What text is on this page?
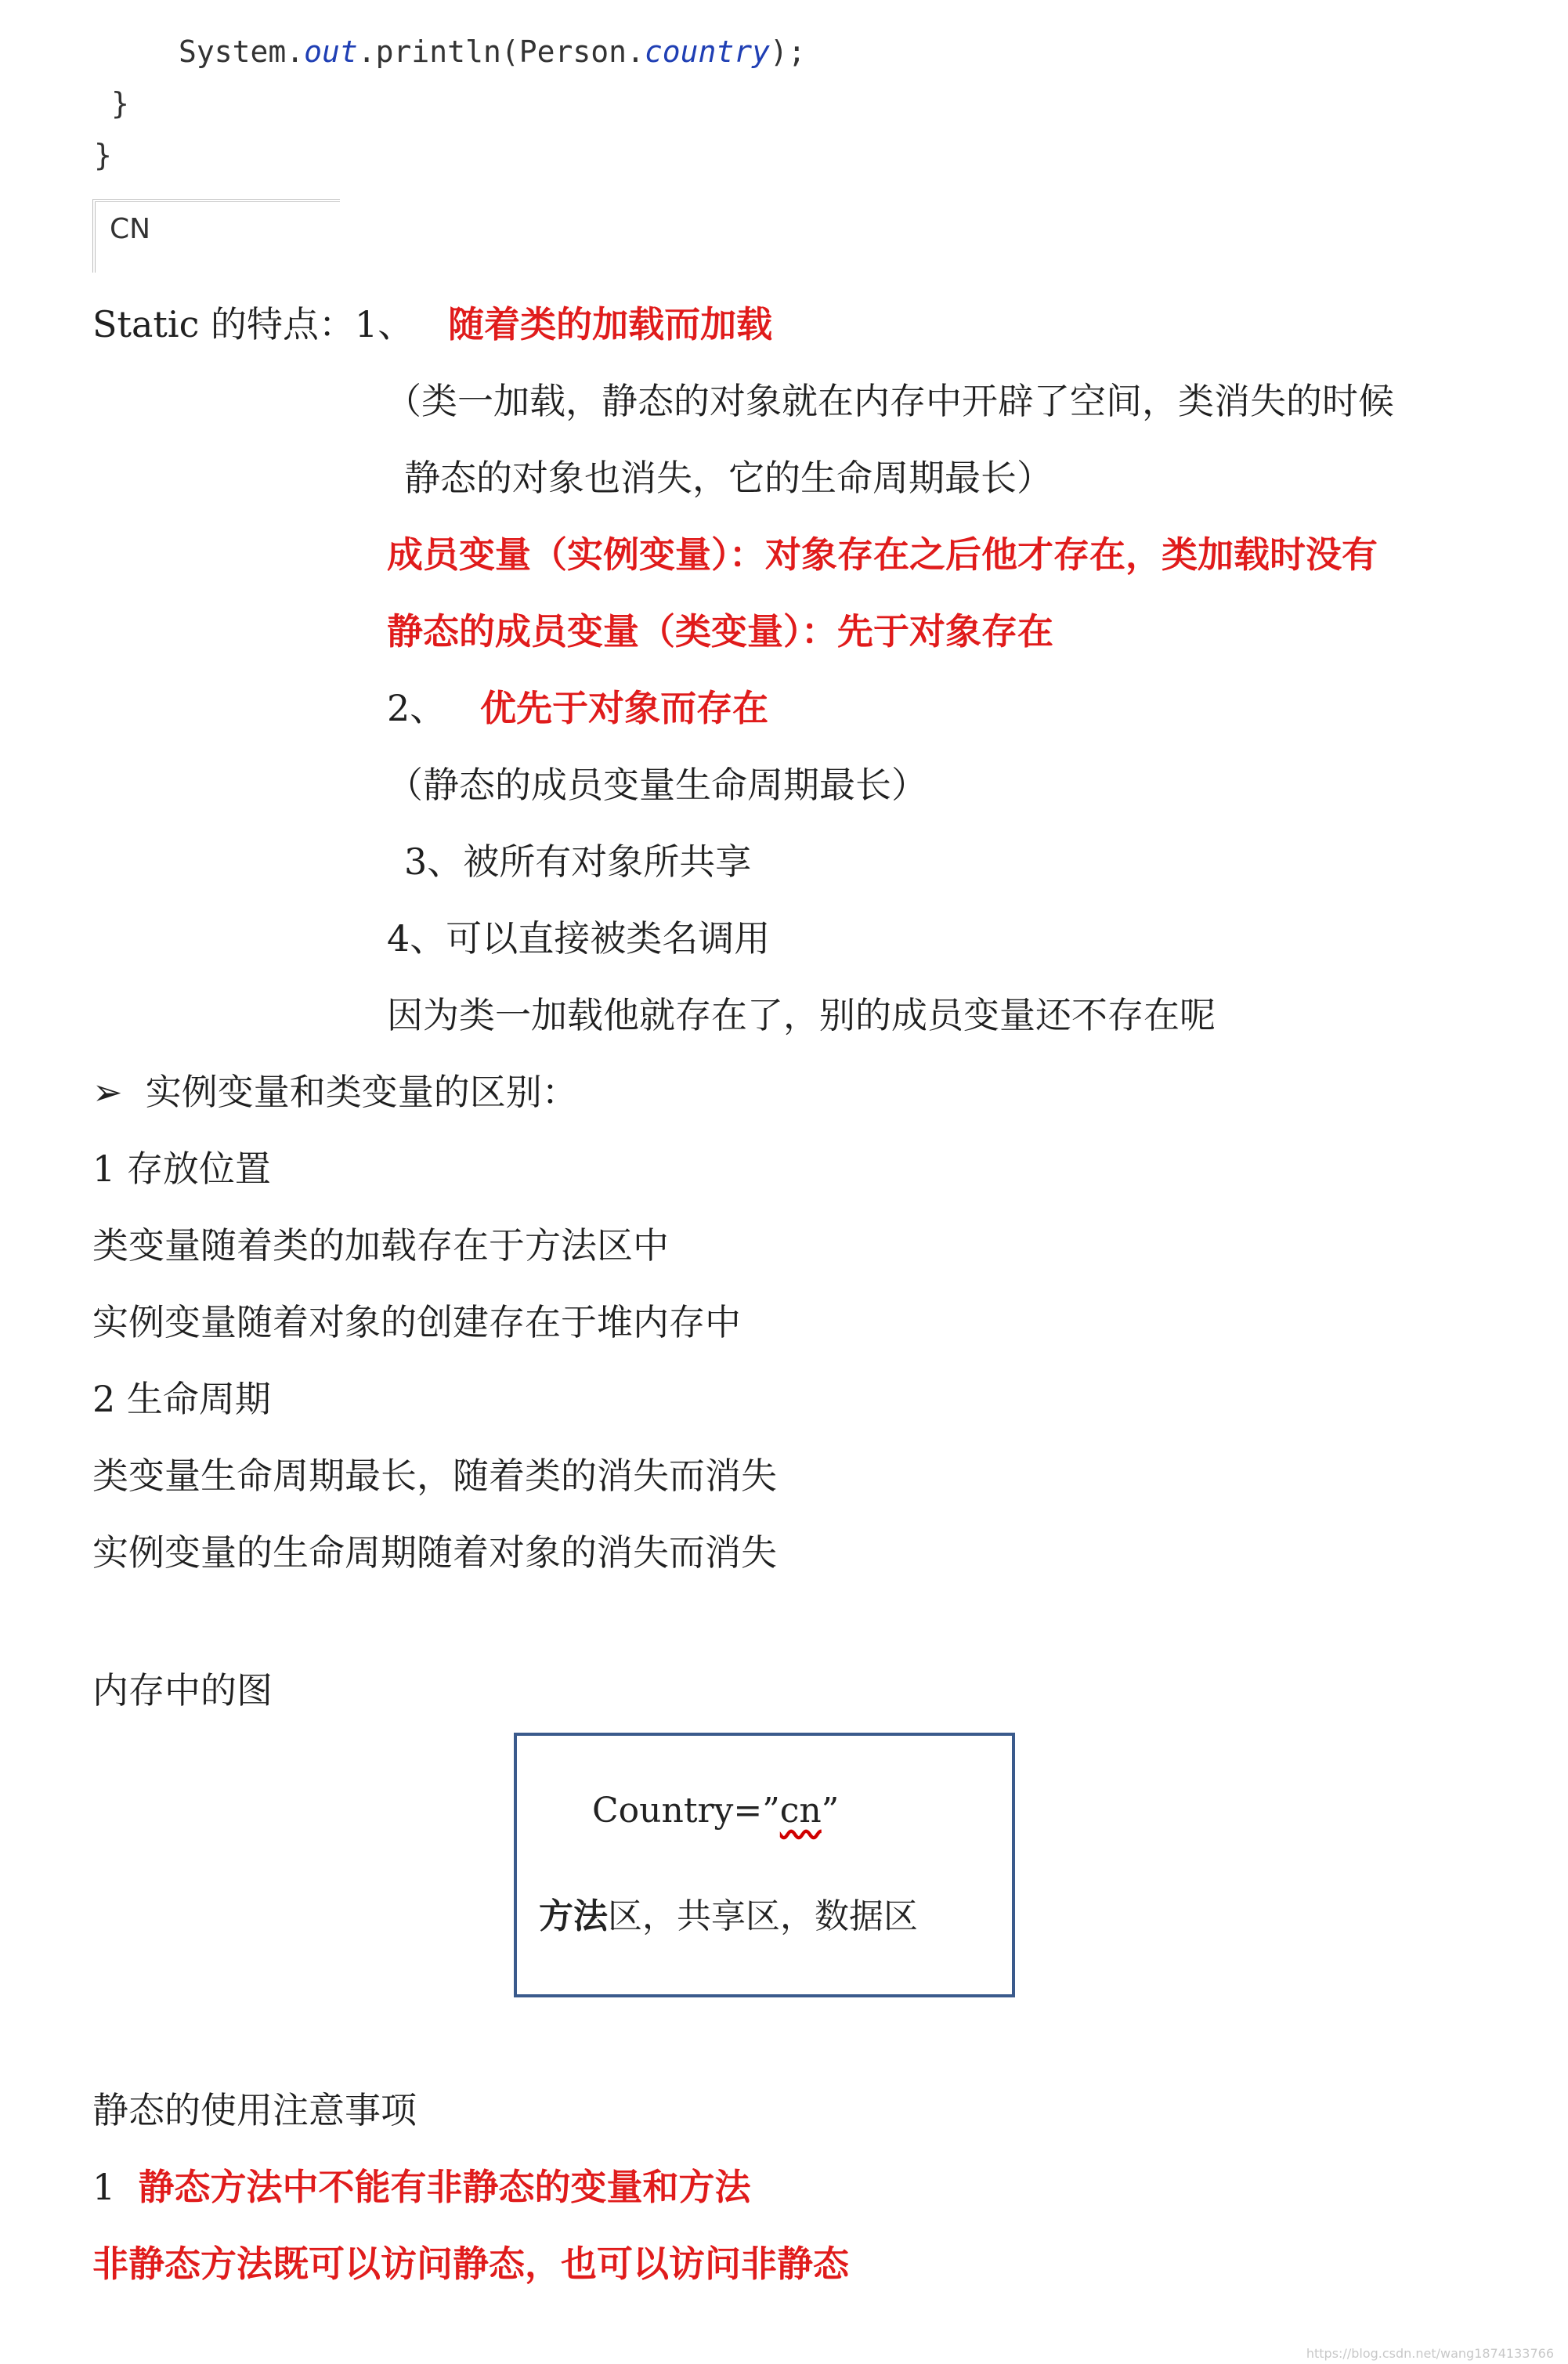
System.out.println(Person.country);
}
}
CN
Static 的特点：1、 随着类的加载而加载
（类一加载，静态的对象就在内存中开辟了空间，类消失的时候
静态的对象也消失，它的生命周期最长）
成员变量（实例变量）：对象存在之后他才存在，类加载时没有
静态的成员变量（类变量）：先于对象存在
2、 优先于对象而存在
（静态的成员变量生命周期最长）
3、被所有对象所共享
4、可以直接被类名调用
因为类一加载他就存在了，别的成员变量还不存在呢
➢ 实例变量和类变量的区别：
1 存放位置
类变量随着类的加载存在于方法区中
实例变量随着对象的创建存在于堆内存中
2 生命周期
类变量生命周期最长，随着类的消失而消失
实例变量的生命周期随着对象的消失而消失
内存中的图
Country=”cn”
方法区，共享区，数据区
静态的使用注意事项
1 静态方法中不能有非静态的变量和方法
非静态方法既可以访问静态，也可以访问非静态
https://blog.csdn.net/wang1874133766
